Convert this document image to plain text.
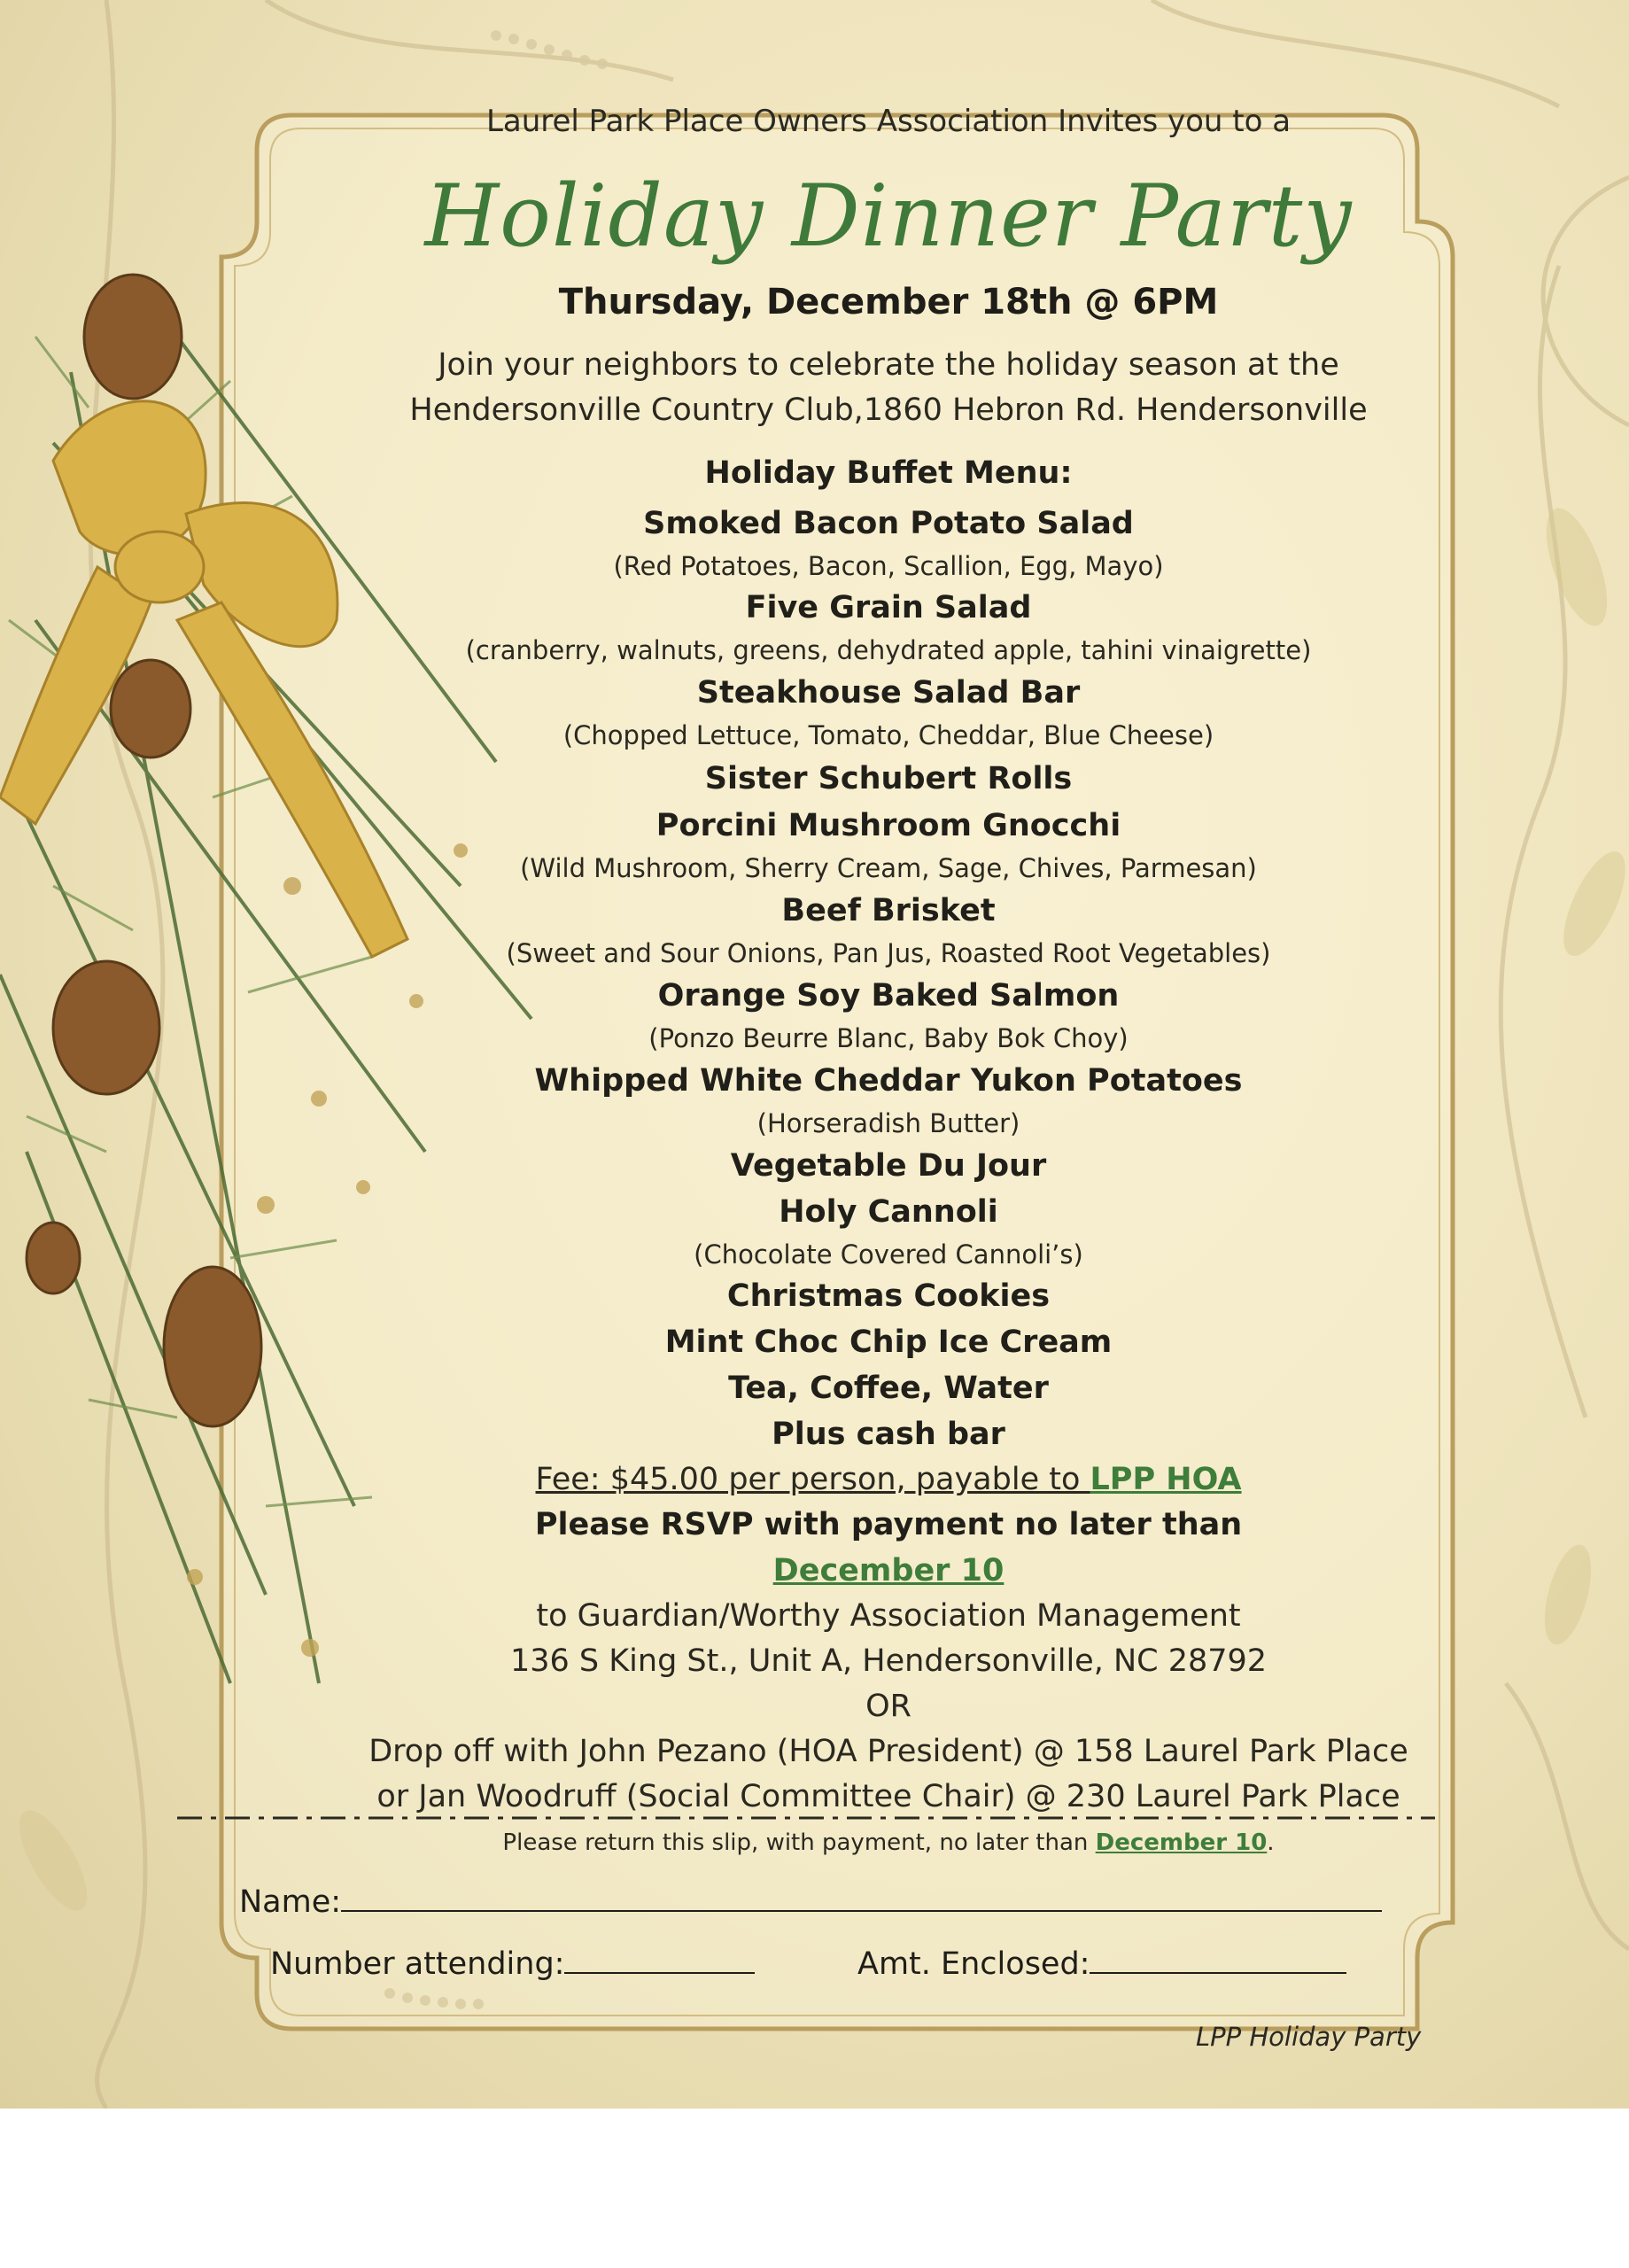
Laurel Park Place Owners Association Invites you to a
Holiday Dinner Party
Thursday, December 18th @ 6PM
Join your neighbors to celebrate the holiday season at the
Hendersonville Country Club,1860 Hebron Rd. Hendersonville
Holiday Buffet Menu:
Smoked Bacon Potato Salad
(Red Potatoes, Bacon, Scallion, Egg, Mayo)
Five Grain Salad
(cranberry, walnuts, greens, dehydrated apple, tahini vinaigrette)
Steakhouse Salad Bar
(Chopped Lettuce, Tomato, Cheddar, Blue Cheese)
Sister Schubert Rolls
Porcini Mushroom Gnocchi
(Wild Mushroom, Sherry Cream, Sage, Chives, Parmesan)
Beef Brisket
(Sweet and Sour Onions, Pan Jus, Roasted Root Vegetables)
Orange Soy Baked Salmon
(Ponzo Beurre Blanc, Baby Bok Choy)
Whipped White Cheddar Yukon Potatoes
(Horseradish Butter)
Vegetable Du Jour
Holy Cannoli
(Chocolate Covered Cannoli’s)
Christmas Cookies
Mint Choc Chip Ice Cream
Tea, Coffee, Water
Plus cash bar
Fee: $45.00 per person, payable to LPP HOA
Please RSVP with payment no later than
December 10
to Guardian/Worthy Association Management
136 S King St., Unit A, Hendersonville, NC 28792
OR
Drop off with John Pezano (HOA President) @ 158 Laurel Park Place
or Jan Woodruff (Social Committee Chair) @ 230 Laurel Park Place
Please return this slip, with payment, no later than December 10.
Name:
Number attending:	Amt. Enclosed:
LPP Holiday Party
